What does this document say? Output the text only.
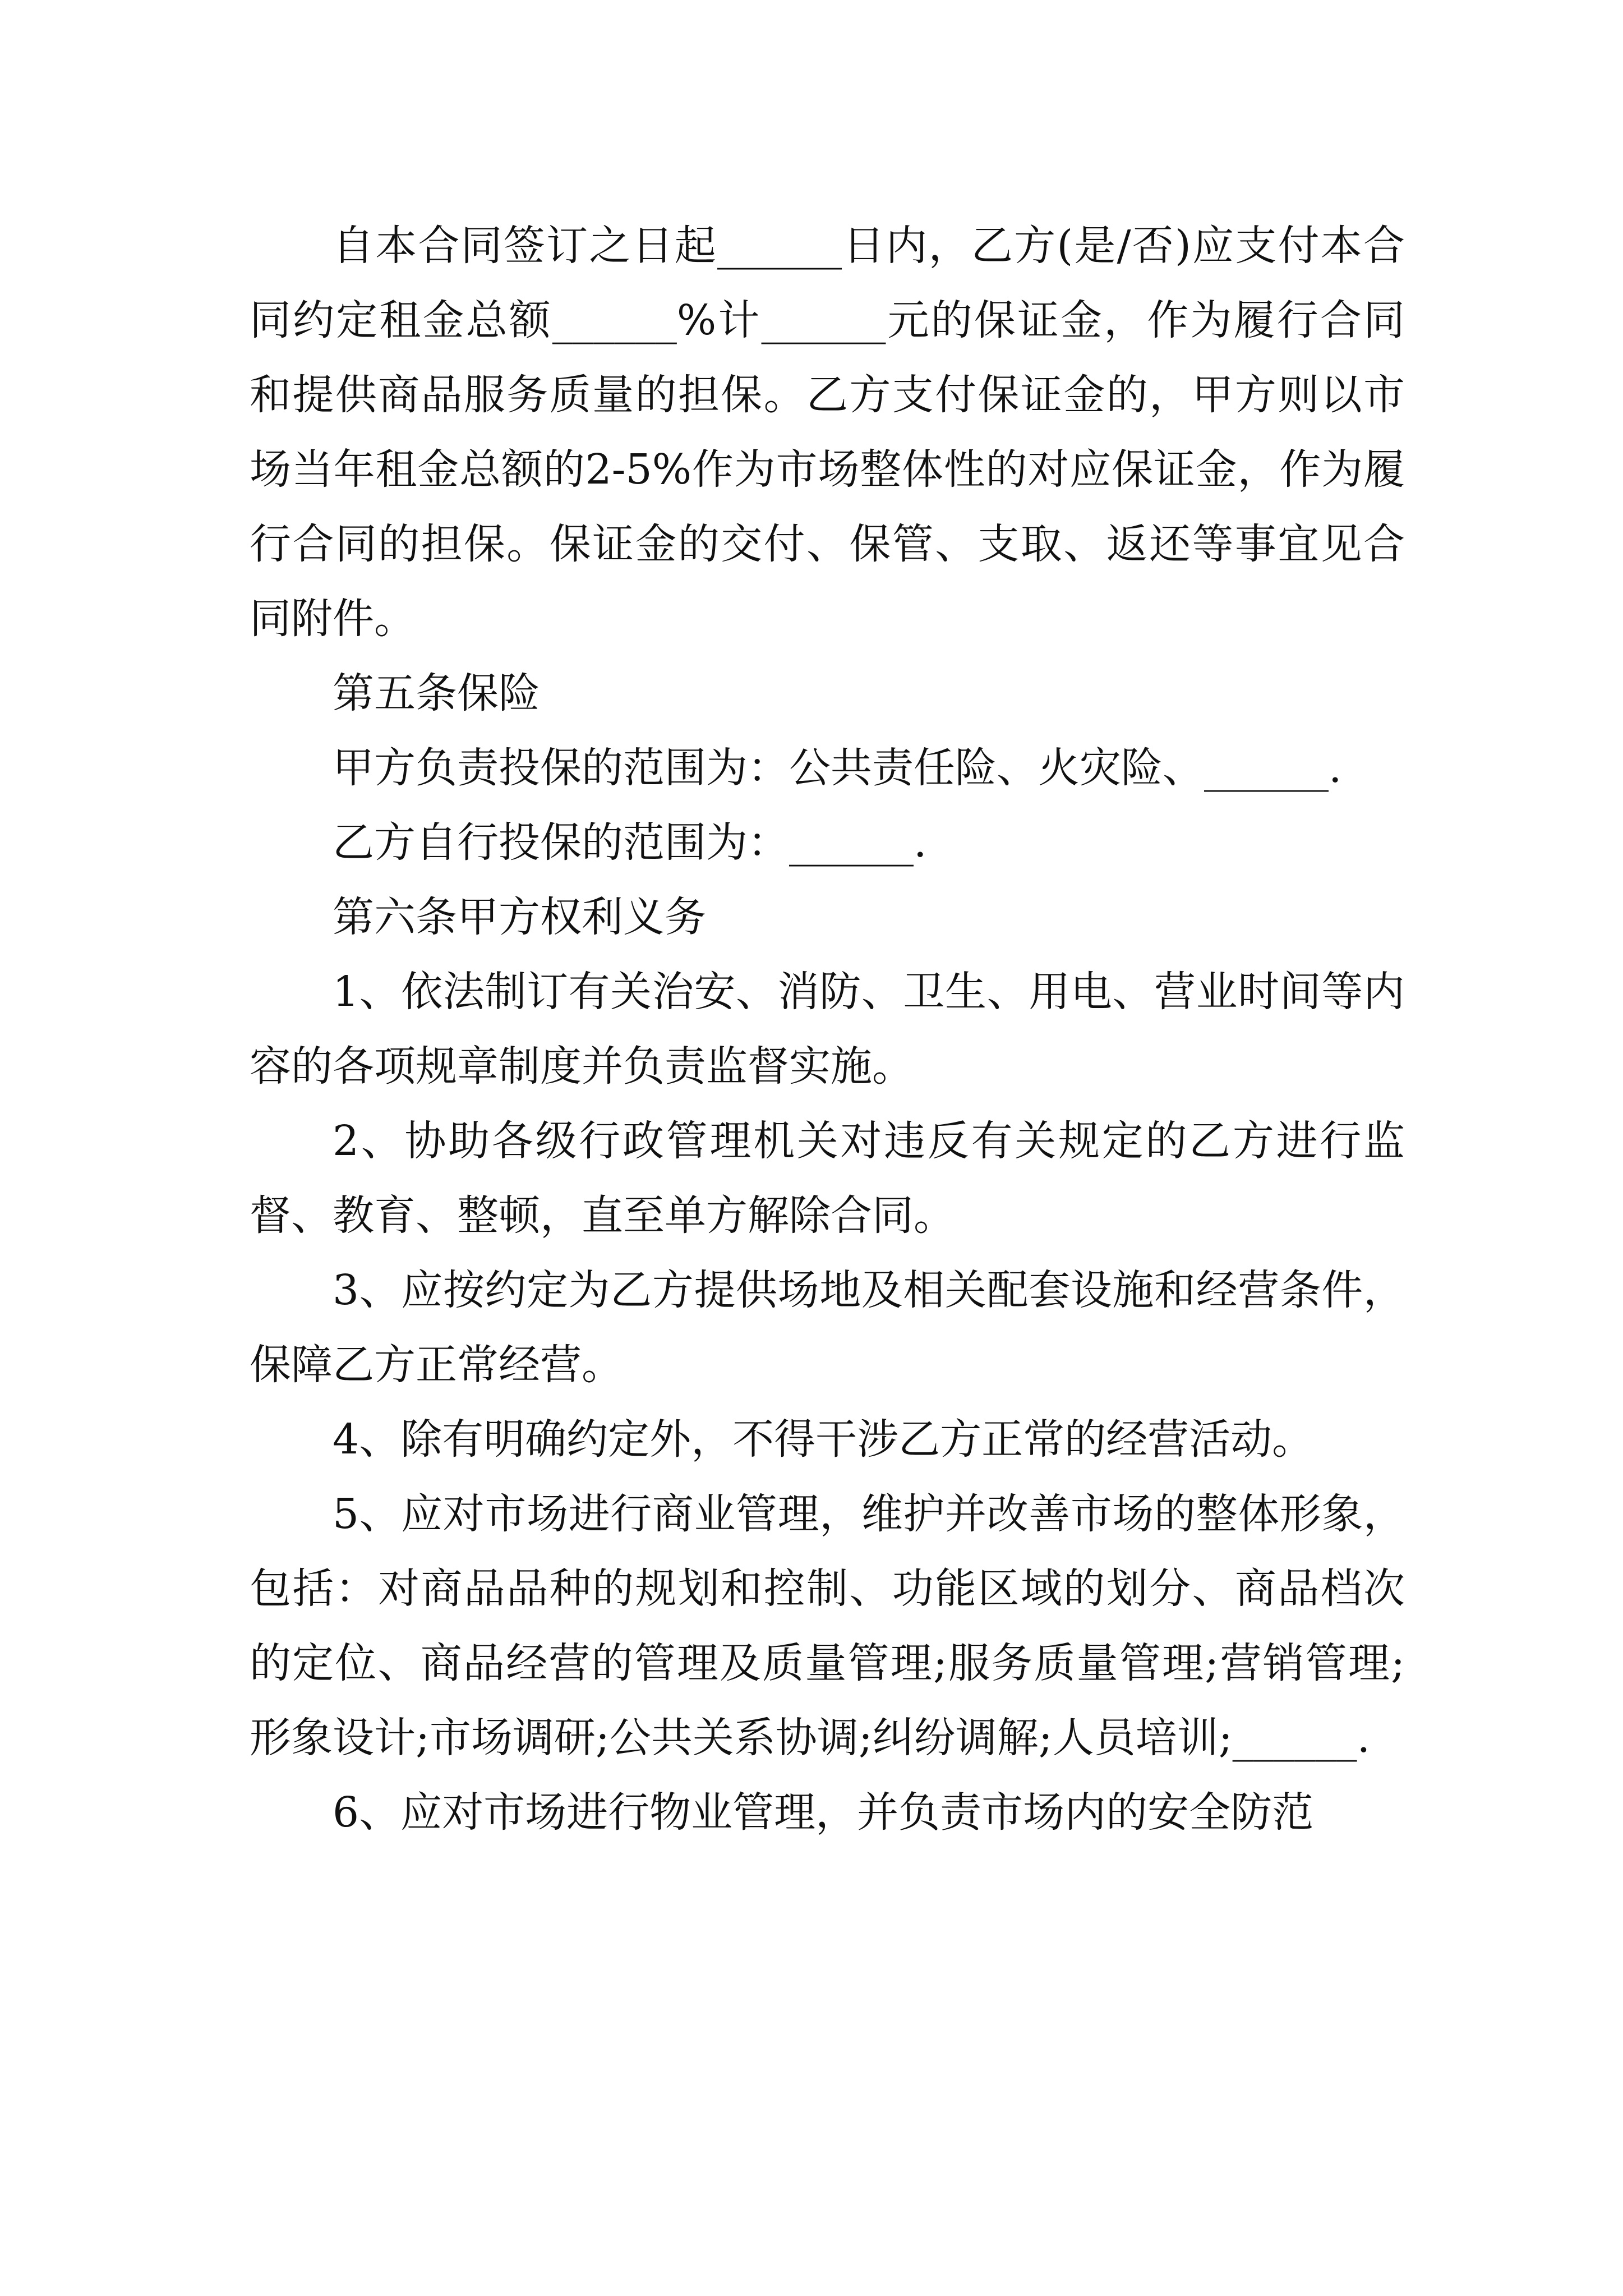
自本合同签订之日起______日内，乙方(是/否)应支付本合同约定租金总额______%计______元的保证金，作为履行合同和提供商品服务质量的担保。乙方支付保证金的，甲方则以市场当年租金总额的2-5%作为市场整体性的对应保证金，作为履行合同的担保。保证金的交付、保管、支取、返还等事宜见合同附件。

第五条保险

甲方负责投保的范围为：公共责任险、火灾险、______.

乙方自行投保的范围为：______.

第六条甲方权利义务

1、依法制订有关治安、消防、卫生、用电、营业时间等内容的各项规章制度并负责监督实施。

2、协助各级行政管理机关对违反有关规定的乙方进行监督、教育、整顿，直至单方解除合同。

3、应按约定为乙方提供场地及相关配套设施和经营条件，保障乙方正常经营。

4、除有明确约定外，不得干涉乙方正常的经营活动。

5、应对市场进行商业管理，维护并改善市场的整体形象，包括：对商品品种的规划和控制、功能区域的划分、商品档次的定位、商品经营的管理及质量管理;服务质量管理;营销管理;形象设计;市场调研;公共关系协调;纠纷调解;人员培训;______.

6、应对市场进行物业管理，并负责市场内的安全防范
